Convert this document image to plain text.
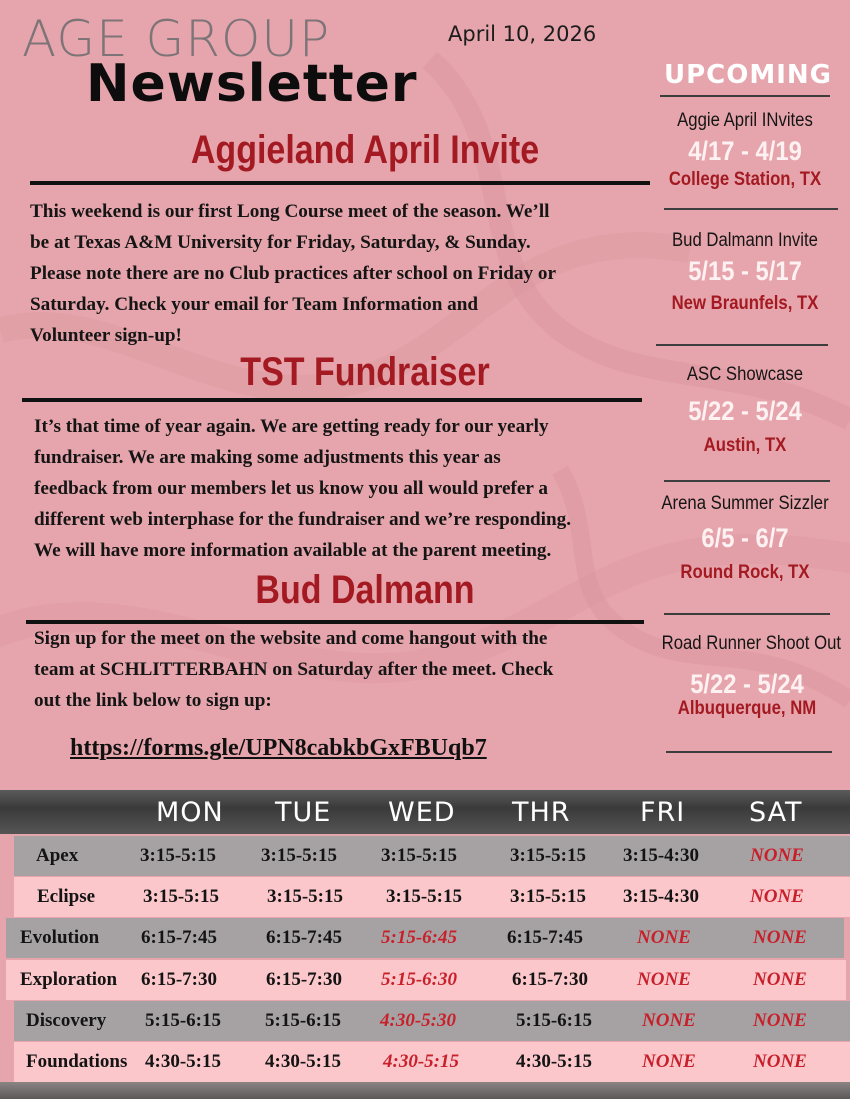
AGE GROUP	April 10, 2026
Newsletter
Aggieland April Invite
This weekend is our first Long Course meet of the season. We’ll
be at Texas A&M University for Friday, Saturday, & Sunday.
Please note there are no Club practices after school on Friday or
Saturday. Check your email for Team Information and
Volunteer sign-up!
TST Fundraiser
It’s that time of year again. We are getting ready for our yearly
fundraiser. We are making some adjustments this year as
feedback from our members let us know you all would prefer a
different web interphase for the fundraiser and we’re responding.
We will have more information available at the parent meeting.
Bud Dalmann
Sign up for the meet on the website and come hangout with the
team at SCHLITTERBAHN on Saturday after the meet. Check
out the link below to sign up:
https://forms.gle/UPN8cabkbGxFBUqb7
UPCOMING
Aggie April INvites
4/17 - 4/19
College Station, TX
Bud Dalmann Invite
5/15 - 5/17
New Braunfels, TX
ASC Showcase
5/22 - 5/24
Austin, TX
Arena Summer Sizzler
6/5 - 6/7
Round Rock, TX
Road Runner Shoot Out
5/22 - 5/24
Albuquerque, NM
MON TUE WED THR	FRI SAT
Apex	3:15-5:15 3:15-5:15 3:15-5:15	3:15-5:15 3:15-4:30	NONE
Eclipse	3:15-5:15	3:15-5:15 3:15-5:15	3:15-5:15 3:15-4:30	NONE
Evolution 6:15-7:45	6:15-7:45 5:15-6:45	6:15-7:45	NONE	NONE
Exploration 6:15-7:30	6:15-7:30 5:15-6:30	6:15-7:30	NONE	NONE
Discovery 5:15-6:15 5:15-6:15 4:30-5:30	5:15-6:15	NONE	NONE
Foundations 4:30-5:15 4:30-5:15 4:30-5:15	4:30-5:15	NONE	NONE
